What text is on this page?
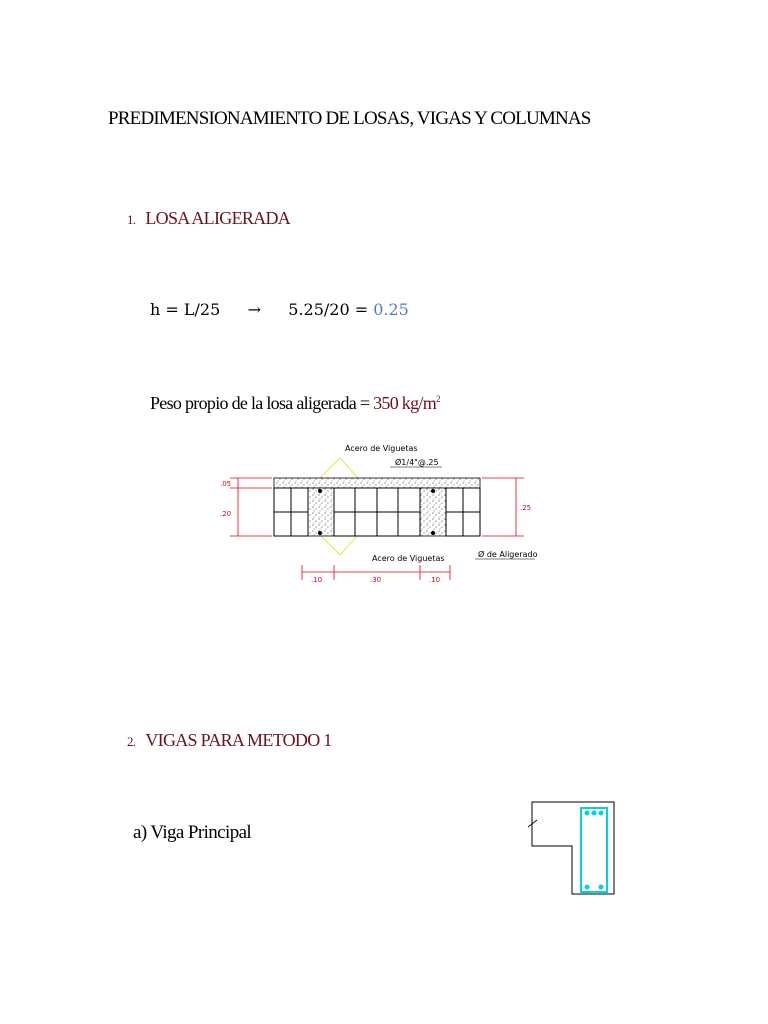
PREDIMENSIONAMIENTO DE LOSAS, VIGAS Y COLUMNAS
1. LOSA ALIGERADA
h = L/25 → 5.25/20 = 0.25
Peso propio de la losa aligerada = 350 $kg/m^2$
Acero de Viguetas
Ø1/4"@.25
Acero de Viguetas	Ø de Aligerado
.05
.20
.25
.10	.30	.10
2. VIGAS PARA METODO 1
a) Viga Principal
